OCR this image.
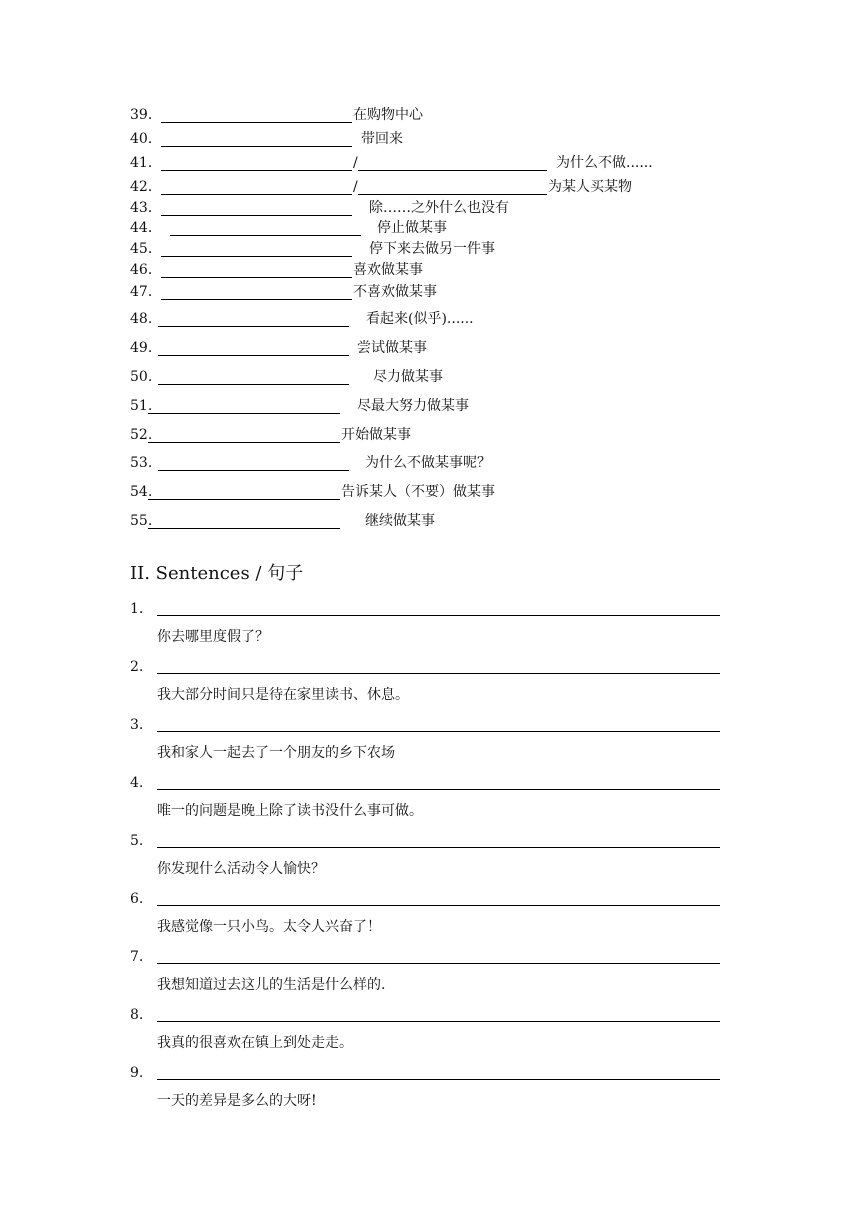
39．	在购物中心
40．	带回来
41．	/	为什么不做......
42．	/	为某人买某物
43．	除……之外什么也没有
44．	停止做某事
45．	停下来去做另一件事
46．	喜欢做某事
47．	不喜欢做某事
48.	看起来(似乎)......
49.	尝试做某事
50.	尽力做某事
51.	尽最大努力做某事
52.	开始做某事
53.	为什么不做某事呢？
54.	告诉某人（不要）做某事
55.	继续做某事
II. Sentences / 句子
1.
你去哪里度假了？
2.
我大部分时间只是待在家里读书、休息。
3.
我和家人一起去了一个朋友的乡下农场
4.
唯一的问题是晚上除了读书没什么事可做。
5.
你发现什么活动令人愉快？
6.
我感觉像一只小鸟。太令人兴奋了！
7.
我想知道过去这儿的生活是什么样的.
8.
我真的很喜欢在镇上到处走走。
9.
一天的差异是多么的大呀!
